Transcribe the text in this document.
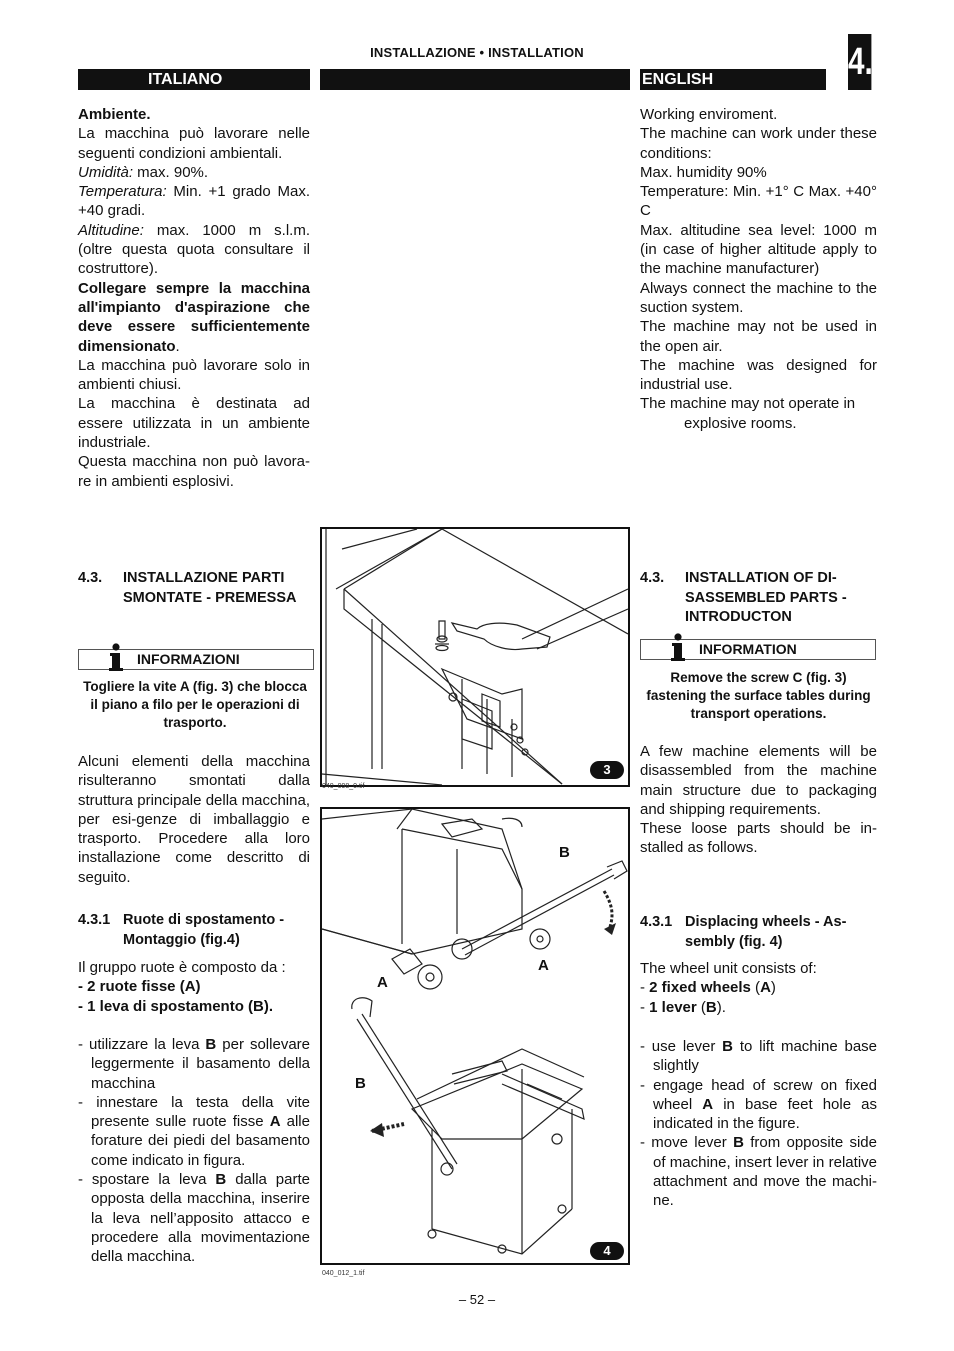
INSTALLAZIONE • INSTALLATION
ITALIANO	ENGLISH	4.

Ambiente.

La macchina può lavorare nelle seguenti condizioni ambientali.

Umidità: max. 90%.

Temperatura: Min. +1 grado Max. +40 gradi.

Altitudine: max. 1000 m s.l.m. (oltre questa quota consultare il costruttore).

Collegare sempre la macchina all'impianto d'aspirazione che deve essere sufficientemente dimensionato.

La macchina può lavorare solo in ambienti chiusi.

La macchina è destinata ad essere utilizzata in un ambiente industriale.

Questa macchina non può lavora-re in ambienti esplosivi.

Working enviroment.

The machine can work under these conditions:

Max. humidity 90%

Temperature: Min. +1° C Max. +40° C

Max. altitudine sea level: 1000 m (in case of higher altitude apply to the machine manufacturer)

Always connect the machine to the suction system.

The machine may not be used in the open air.

The machine was designed for industrial use.

The machine may not operate in

explosive rooms.

4.3. INSTALLAZIONE PARTI SMONTATE - PREMESSA
INFORMAZIONI
Togliere la vite A (fig. 3) che blocca il piano a filo per le operazioni di trasporto.
Alcuni elementi della macchina risulteranno smontati dalla struttura principale della macchina, per esi-genze di imballaggio e trasporto. Procedere alla loro installazione come descritto di seguito.
4.3.1 Ruote di spostamento - Montaggio (fig.4)

Il gruppo ruote è composto da :

- 2 ruote fisse (A)

- 1 leva di spostamento (B).

- utilizzare la leva B per sollevare leggermente il basamento della macchina

- innestare la testa della vite presente sulle ruote fisse A alle forature dei piedi del basamento come indicato in figura.

- spostare la leva B dalla parte opposta della macchina, inserire la leva nell’apposito attacco e procedere alla movimentazione della macchina.

4.3. INSTALLATION OF DI-SASSEMBLED PARTS - INTRODUCTON
INFORMATION
Remove the screw C (fig. 3) fastening the surface tables during transport operations.

A few machine elements will be disassembled from the machine main structure due to packaging and shipping requirements.

These loose parts should be in-stalled as follows.

4.3.1 Displacing wheels - As-sembly (fig. 4)

The wheel unit consists of:

- 2 fixed wheels (A)

- 1 lever (B).

- use lever B to lift machine base slightly

- engage head of screw on fixed wheel A in base feet hole as indicated in the figure.

- move lever B from opposite side of machine, insert lever in relative attachment and move the machi-ne.

3
040_098_0.tif
A
A
B
B
4
040_012_1.tif
– 52 –
